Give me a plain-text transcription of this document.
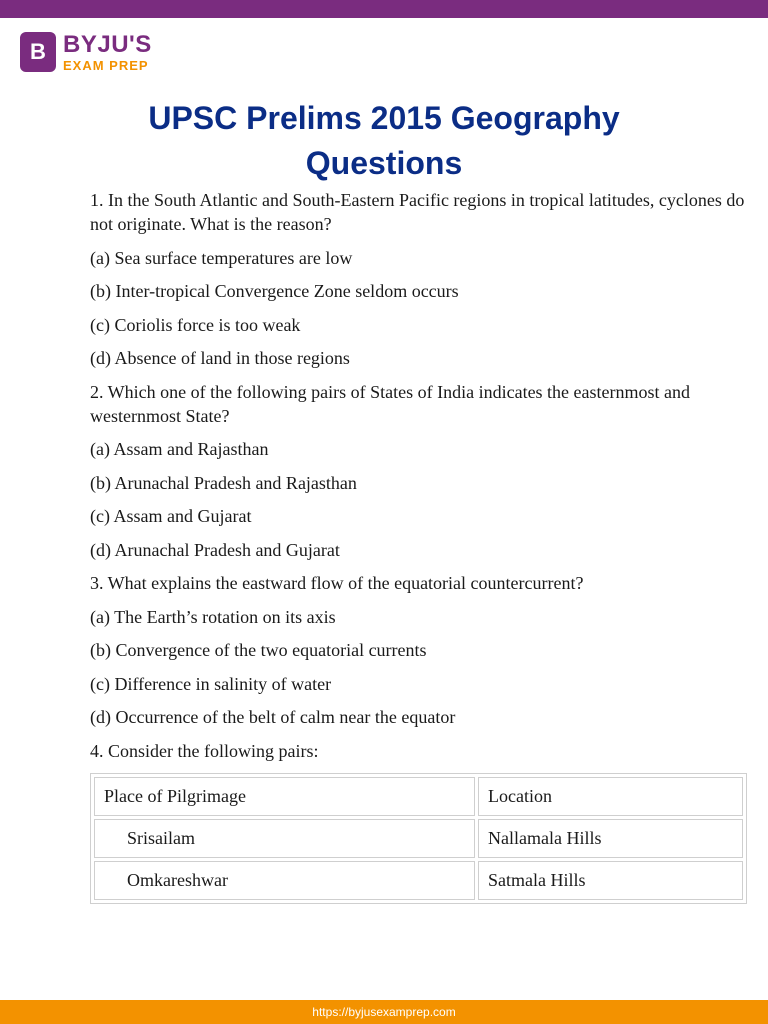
B BYJU'S
EXAM PREP
UPSC Prelims 2015 Geography
Questions

1. In the South Atlantic and South-Eastern Pacific regions in tropical latitudes, cyclones do not originate. What is the reason?

(a) Sea surface temperatures are low

(b) Inter-tropical Convergence Zone seldom occurs

(c) Coriolis force is too weak

(d) Absence of land in those regions

2. Which one of the following pairs of States of India indicates the easternmost and westernmost State?

(a) Assam and Rajasthan

(b) Arunachal Pradesh and Rajasthan

(c) Assam and Gujarat

(d) Arunachal Pradesh and Gujarat

3. What explains the eastward flow of the equatorial countercurrent?

(a) The Earth’s rotation on its axis

(b) Convergence of the two equatorial currents

(c) Difference in salinity of water

(d) Occurrence of the belt of calm near the equator

4. Consider the following pairs:

Place of Pilgrimage	Location
Srisailam	Nallamala Hills
Omkareshwar	Satmala Hills
https://byjusexamprep.com
